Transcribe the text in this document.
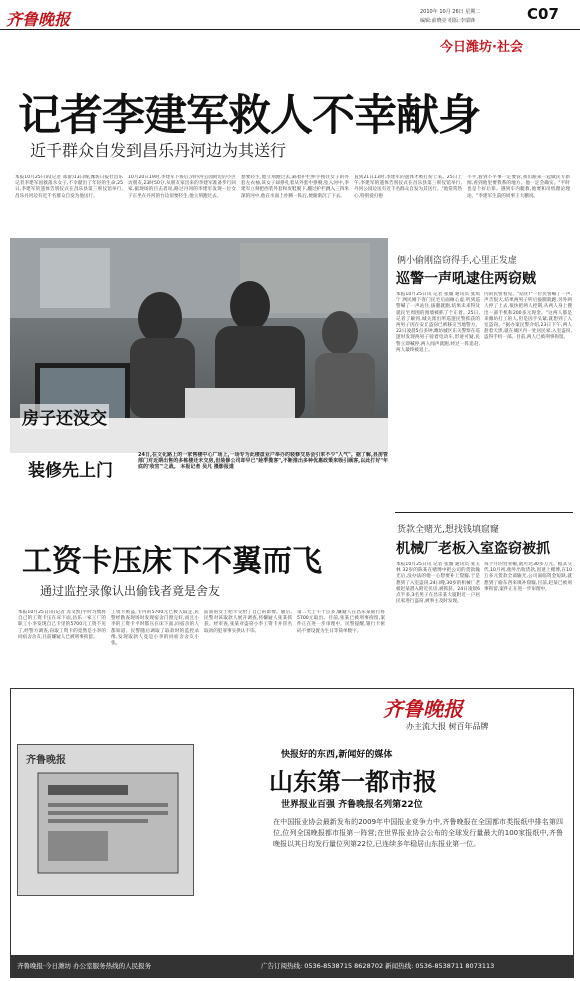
齐鲁晚报	2010年 10月 26日 星期二
编辑:俞晓亮 组版:李瑞锋	C07
今日潍坊·社会
记者李建军救人不幸献身
近千群众自发到昌乐丹河边为其送行
本报10月25日讯(记者 郑蕾)13日晚,潍坊日报社昌乐记者李建军因救落水女子,不幸献出了年轻的生命,25日,李建军的遗体告别仪式在昌乐县第三殡仪馆举行,昌乐丹河边有近千名群众自发为他送行。
10月20日19时,李建军下班后,到丹河公园附近的小区访朋友,23时50分,从朋友家出来的李建军准备步行回家,据现场的目击者说,路过丹河的李建军发现一位女子正坐在丹河的台边似要轻生,他立刻跑过去。
想要轻生,他立刻跑过去,隔着护栏伸手拽住女子的外套左衣袖,该女子却挣扎着从外套中挣脱,坠入河中,李建军立刻把西装外套和皮鞋脱下,翻过护栏跳入三四米深的河中,他在水面上扑腾一阵后,便渐渐沉了下去。
直到21日13时,李建军的遗体才被打捞上来。25日上午,李建军的遗体告别仪式在昌乐县第三殡仪馆举行,丹河公园边送有近千名群众自发为其送行。"他常常热心,特别爱打抱
不平,看到不平事一定要管,我们跟来一起做民专新闻,看到他里要我系的地方。他一定会确实。"平时也是个好后辈。遇到车内艇救,他要和司机理论理论。"李建军生前的同事王大鹏说。
房子还没交
装修先上门
24日,在文化路上的一家售楼中心广场上,一场专为此楼盘业户举办的装修交易会引来不少"人气"。据了解,县房管部门对近期出售的多栋楼还未交房,但装修公司却早已"趁季揽客",不断推出多种优惠政策来吸引顾客,以此打好"年底的'收官'"之战。 本报记者 吴凡 摄影报道
俩小偷刚盗窃得手,心里正发虚
巡警一声吼逮住两窃贼
本报10月25日讯 记者 张璇 通讯员 张琪宁 网民刚下客门民宅后面砸心虚,听到巡警喊了一声站住,拔腿就跑,结果未来得及就民宅周围的围墙被抓了个正着。25日,记者了解到,城关派出所巡逻民警抓获的两男子因在安丘盗窃已被移交当地警方。22日凌晨5点多钟,潍坊城区东关警察在巡逻时发现两男子骑着电动车,形迹可疑,民警立即喊停,两人闻声就跑,经过一阵追赶,两人最终被追上。
内的民警看见。"站住!"一位民警喊了一声,声音很大,结果两男子听后拔腿就跑,另外两人停了上去,很快把两人控制,从两人身上搜出一部手机和200多元现金。"这两人都是来潍坊打工的人,但是因手头紧,就想到了入室盗窃。"据办案民警介绍,23日下午,两人趁着天黑,就在城区内一处居民家,入室盗窃,盗得手机一部。目前,两人已被刑事拘留。
货款全赌光,想找钱填窟窿
机械厂老板入室盗窃被抓
本报10月25日讯 记者 张璇 通讯员 张玉林 32岁的陈某在赌博中把公司的货款输光后,没办法的他一心想要补上窟窿,于是想到了入室盗窃,24日晚,30岁的机械厂老板赵某潜入附近民房,被抓获。24日凌晨6点半多,3名男子在昌乐某大厦附近一户居民家进行盗窃,被事主及时发现。
每个月的营业额,就可达30多万元。据其交代,10月初,他外出收货款,因迷上赌博,在10万多元货款全部输光,公司面临资金短缺,就想到了偷东西来填补窟窿,目前,赵某已被刑事拘留,案件正在进一步审理中。
工资卡压床下不翼而飞
通过监控录像认出偷钱者竟是舍友
本报10月25日讯(记者 苏文凯)平时习惯将自己的工资卡压在床下面,昌乐一家工厂的职工小李发现自己卡里的5700元工资不见了,经警方调查,窃取工资卡的竟然是小李的同宿舍舍友,目前嫌疑人已被刑事拘留。
工资卡被盗,卡内的5700元已被人取走,民警经勘查现场时发现宿舍门窗完好,而且小李的工资卡平时都压在床下面,同宿舍的人都知道。民警随后调取了取款时的监控录像,发现取款人竟是小李的同宿舍舍友小张。
前面的女士把卡交给了自己的影像。随后,民警对该取款人展开调查,将嫌疑人张某抓获。经审查,张某对盗窃小李工资卡并冒名取款的犯罪事实供认不讳。
第二天上午十点多,嫌疑人在昌乐某银行将5700元取出。目前,张某已被刑事拘留,案件正在进一步审理中。民警提醒,银行卡密码不要设置为生日等简单数字。
齐鲁晚报
办主流大报 树百年品牌
齐鲁晚报	快报好的东西,新闻好的媒体
山东第一都市报
世界报业百强 齐鲁晚报名列第22位
在中国报业协会最新发布的2009年中国报业竞争力中,齐鲁晚报在全国都市类报纸中排名第四位,位列全国晚报都市报第一阵营;在世界报业协会公布的全球发行量最大的100家报纸中,齐鲁晚报以其日均发行量位列第22位,已连续多年稳居山东报业第一位。
齐鲁晚报·今日潍坊 办公室服务热线的人民报务	广告订阅热线: 0536-8538715 8628702 新闻热线: 0536-8538711 8073113
